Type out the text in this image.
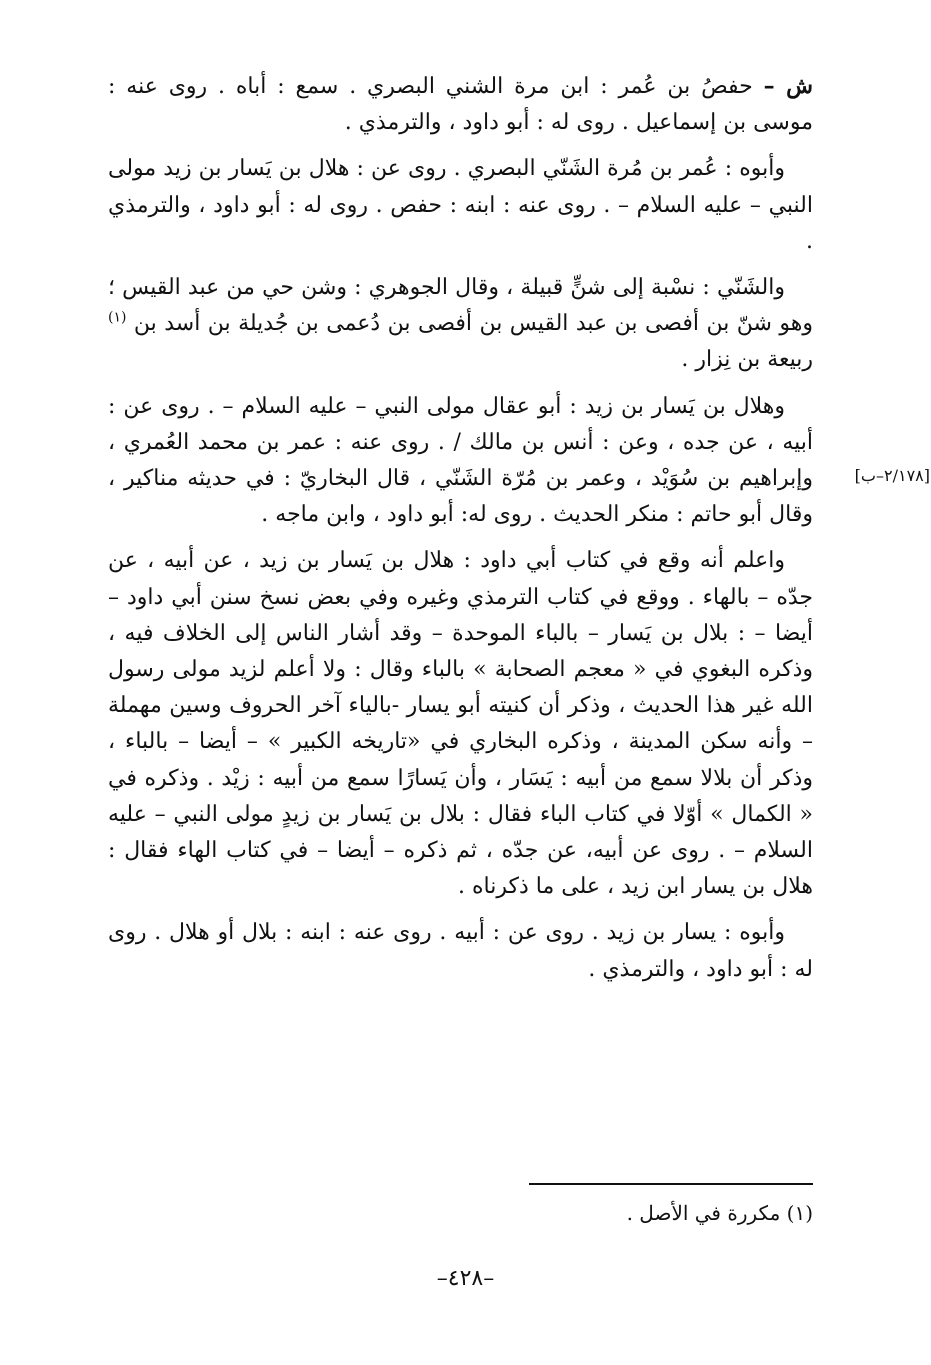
ش – حفصُ بن عُمر : ابن مرة الشني البصري . سمع : أباه . روى عنه : موسى بن إسماعيل . روى له : أبو داود ، والترمذي .

وأبوه : عُمر بن مُرة الشَنّي البصري . روى عن : هلال بن يَسار بن زيد مولى النبي – عليه السلام – . روى عنه : ابنه : حفص . روى له : أبو داود ، والترمذي .

والشَنّي : نسْبة إلى شنٍّ قبيلة ، وقال الجوهري : وشن حي من عبد القيس ؛ وهو شنّ بن أفصى بن عبد القيس بن أفصى بن دُعمى بن جُديلة بن أسد بن $^{(١)}$ ربيعة بن نِزار .

وهلال بن يَسار بن زيد : أبو عقال مولى النبي – عليه السلام – . روى عن : أبيه ، عن جده ، وعن : أنس بن مالك / . روى عنه : عمر بن محمد العُمري ، وإبراهيم بن سُوَيْد ، وعمر بن مُرّة الشَنّي ، قال البخاريّ : في حديثه مناكير ، وقال أبو حاتم : منكر الحديث . روى له: أبو داود ، وابن ماجه .

واعلم أنه وقع في كتاب أبي داود : هلال بن يَسار بن زيد ، عن أبيه ، عن جدّه – بالهاء . ووقع في كتاب الترمذي وغيره وفي بعض نسخ سنن أبي داود – أيضا – : بلال بن يَسار – بالباء الموحدة – وقد أشار الناس إلى الخلاف فيه ، وذكره البغوي في « معجم الصحابة » بالباء وقال : ولا أعلم لزيد مولى رسول الله غير هذا الحديث ، وذكر أن كنيته أبو يسار -بالياء آخر الحروف وسين مهملة – وأنه سكن المدينة ، وذكره البخاري في «تاريخه الكبير » – أيضا – بالباء ، وذكر أن بلالا سمع من أبيه : يَسَار ، وأن يَسارًا سمع من أبيه : زيْد . وذكره في « الكمال » أوّلا في كتاب الباء فقال : بلال بن يَسار بن زيدٍ مولى النبي – عليه السلام – . روى عن أبيه، عن جدّه ، ثم ذكره – أيضا – في كتاب الهاء فقال : هلال بن يسار ابن زيد ، على ما ذكرناه .

وأبوه : يسار بن زيد . روى عن : أبيه . روى عنه : ابنه : بلال أو هلال . روى له : أبو داود ، والترمذي .

[٢/١٧٨–ب]
(١) مكررة في الأصل .
–٤٢٨–
